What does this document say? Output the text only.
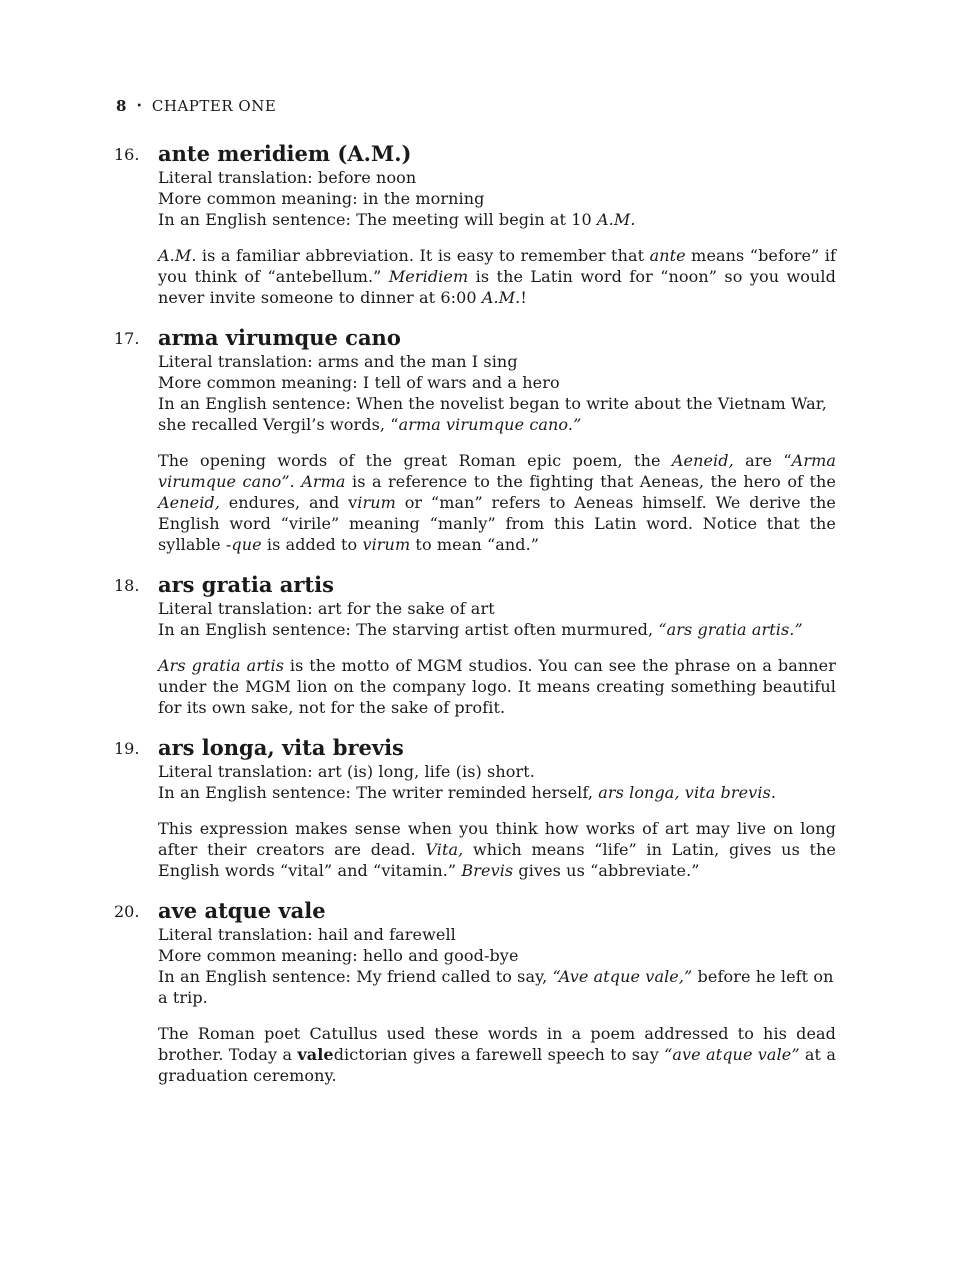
8 • CHAPTER ONE
16. ante meridiem (A.M.)

Literal translation: before noon

More common meaning: in the morning

In an English sentence: The meeting will begin at 10 A.M.

A.M. is a familiar abbreviation. It is easy to remember that ante means “before” if you think of “antebellum.” Meridiem is the Latin word for “noon” so you would never invite someone to dinner at 6:00 A.M.!

17. arma virumque cano

Literal translation: arms and the man I sing

More common meaning: I tell of wars and a hero

In an English sentence: When the novelist began to write about the Vietnam War, she recalled Vergil’s words, “arma virumque cano.”

The opening words of the great Roman epic poem, the Aeneid, are “Arma virumque cano”. Arma is a reference to the fighting that Aeneas, the hero of the Aeneid, endures, and virum or “man” refers to Aeneas himself. We derive the English word “virile” meaning “manly” from this Latin word. Notice that the syllable -que is added to virum to mean “and.”

18. ars gratia artis

Literal translation: art for the sake of art

In an English sentence: The starving artist often murmured, “ars gratia artis.”

Ars gratia artis is the motto of MGM studios. You can see the phrase on a banner under the MGM lion on the company logo. It means creating something beautiful for its own sake, not for the sake of profit.

19. ars longa, vita brevis

Literal translation: art (is) long, life (is) short.

In an English sentence: The writer reminded herself, ars longa, vita brevis.

This expression makes sense when you think how works of art may live on long after their creators are dead. Vita, which means “life” in Latin, gives us the English words “vital” and “vitamin.” Brevis gives us “abbreviate.”

20. ave atque vale

Literal translation: hail and farewell

More common meaning: hello and good-bye

In an English sentence: My friend called to say, “Ave atque vale,” before he left on a trip.

The Roman poet Catullus used these words in a poem addressed to his dead brother. Today a valedictorian gives a farewell speech to say “ave atque vale” at a graduation ceremony.
